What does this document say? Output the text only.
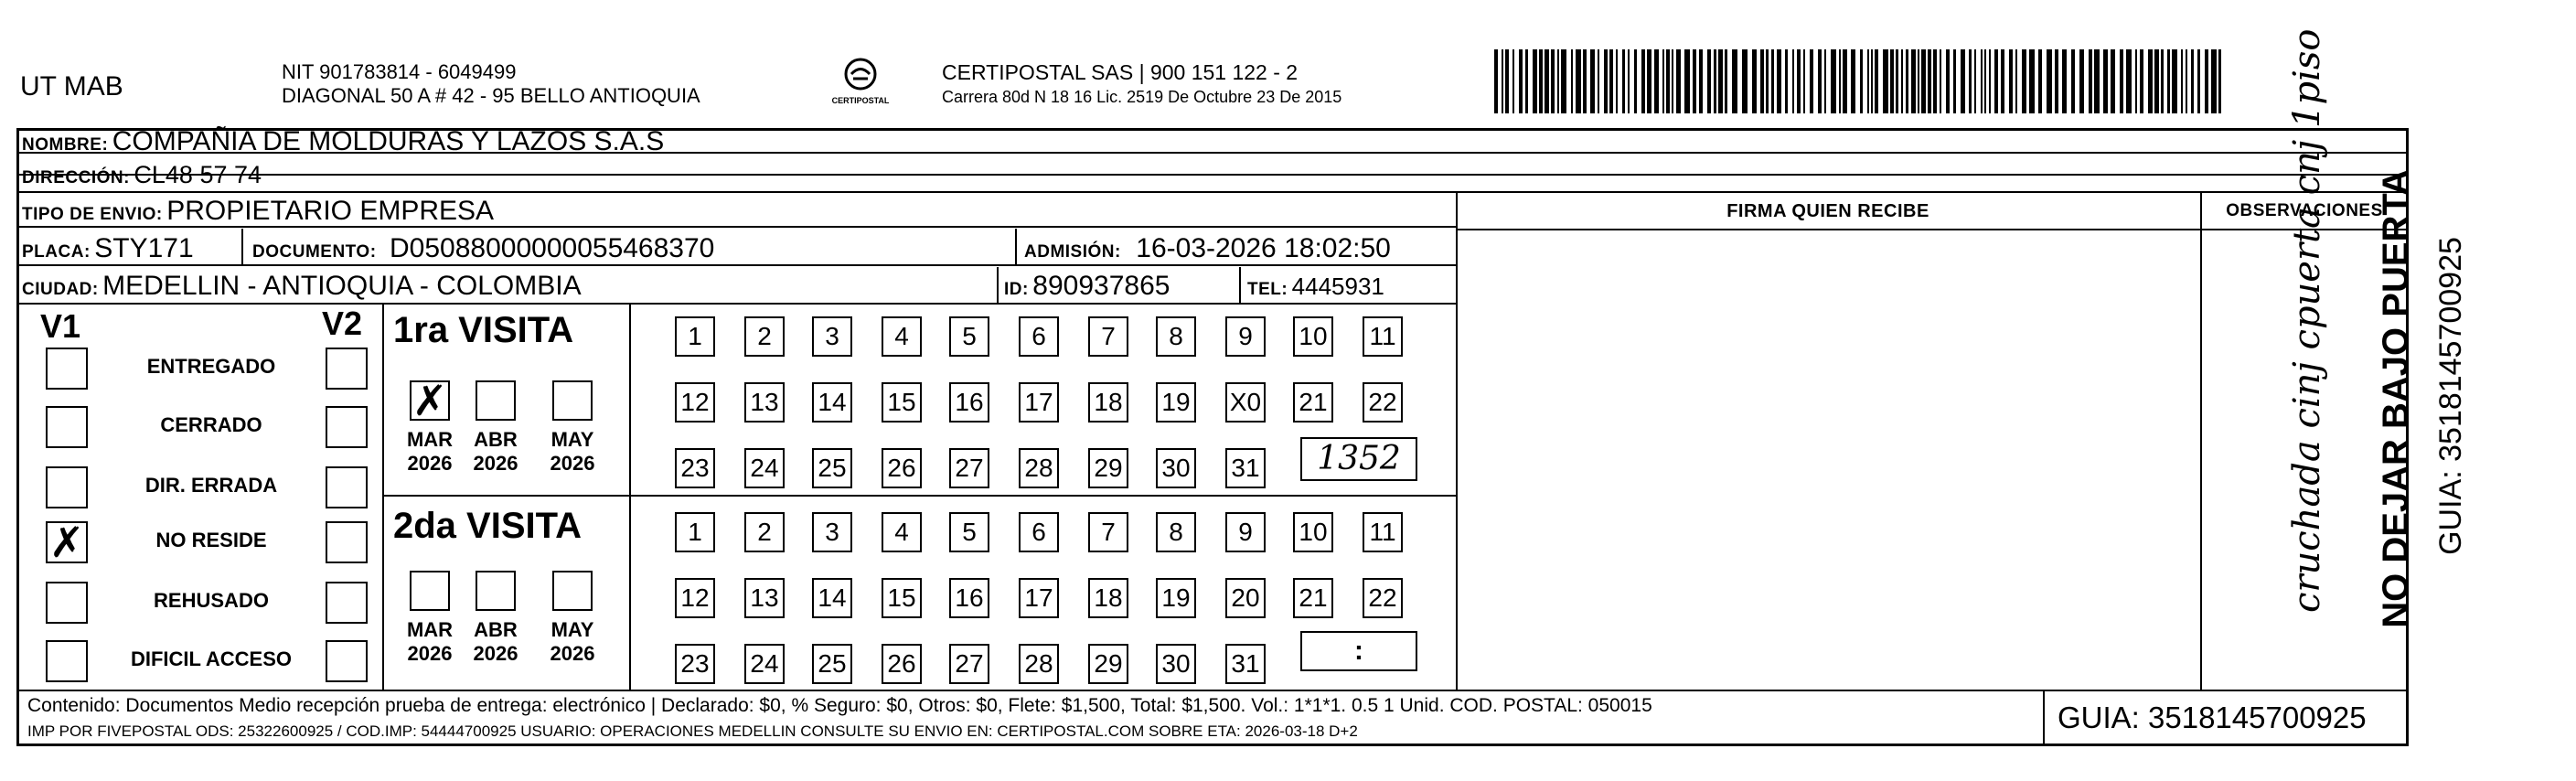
UT MAB	NIT 901783814 - 6049499
DIAGONAL 50 A # 42 - 95 BELLO ANTIOQUIA	CERTIPOSTAL
CERTIPOSTAL SAS | 900 151 122 - 2
Carrera 80d N 18 16 Lic. 2519 De Octubre 23 De 2015
NOMBRE: COMPAÑIA DE MOLDURAS Y LAZOS S.A.S
DIRECCIÓN: CL48 57 74
TIPO DE ENVIO: PROPIETARIO EMPRESA
PLACA: STY171	DOCUMENTO: D05088000000055468370	ADMISIÓN: 16-03-2026 18:02:50
CIUDAD: MEDELLIN - ANTIOQUIA - COLOMBIA	ID: 890937865	TEL: 4445931
FIRMA QUIEN RECIBE	OBSERVACIONES
cruchada cinj cpuerta cnj 1piso
V1	V2
ENTREGADO
CERRADO
DIR. ERRADA
✗	NO RESIDE
REHUSADO
DIFICIL ACCESO
1ra VISITA
2da VISITA
✗
MAR
2026
ABR
2026
MAY
2026
MAR
2026
ABR
2026
MAY
2026
1	2	3	4	5	6	7	8	9	10 11
12 13 14 15 16 17 18 19 X0 21 22
23 24 25 26 27 28 29 30 31
1	2	3	4	5	6	7	8	9	10 11
12 13 14 15 16 17 18 19 20 21 22
23 24 25 26 27 28 29 30 31
1352
:
Contenido: Documentos Medio recepción prueba de entrega: electrónico | Declarado: $0, % Seguro: $0, Otros: $0, Flete: $1,500, Total: $1,500. Vol.: 1*1*1. 0.5 1 Unid. COD. POSTAL: 050015
IMP POR FIVEPOSTAL ODS: 25322600925 / COD.IMP: 54444700925 USUARIO: OPERACIONES MEDELLIN CONSULTE SU ENVIO EN: CERTIPOSTAL.COM SOBRE ETA: 2026-03-18 D+2	GUIA: 3518145700925
NO DEJAR BAJO PUERTA GUIA: 3518145700925
